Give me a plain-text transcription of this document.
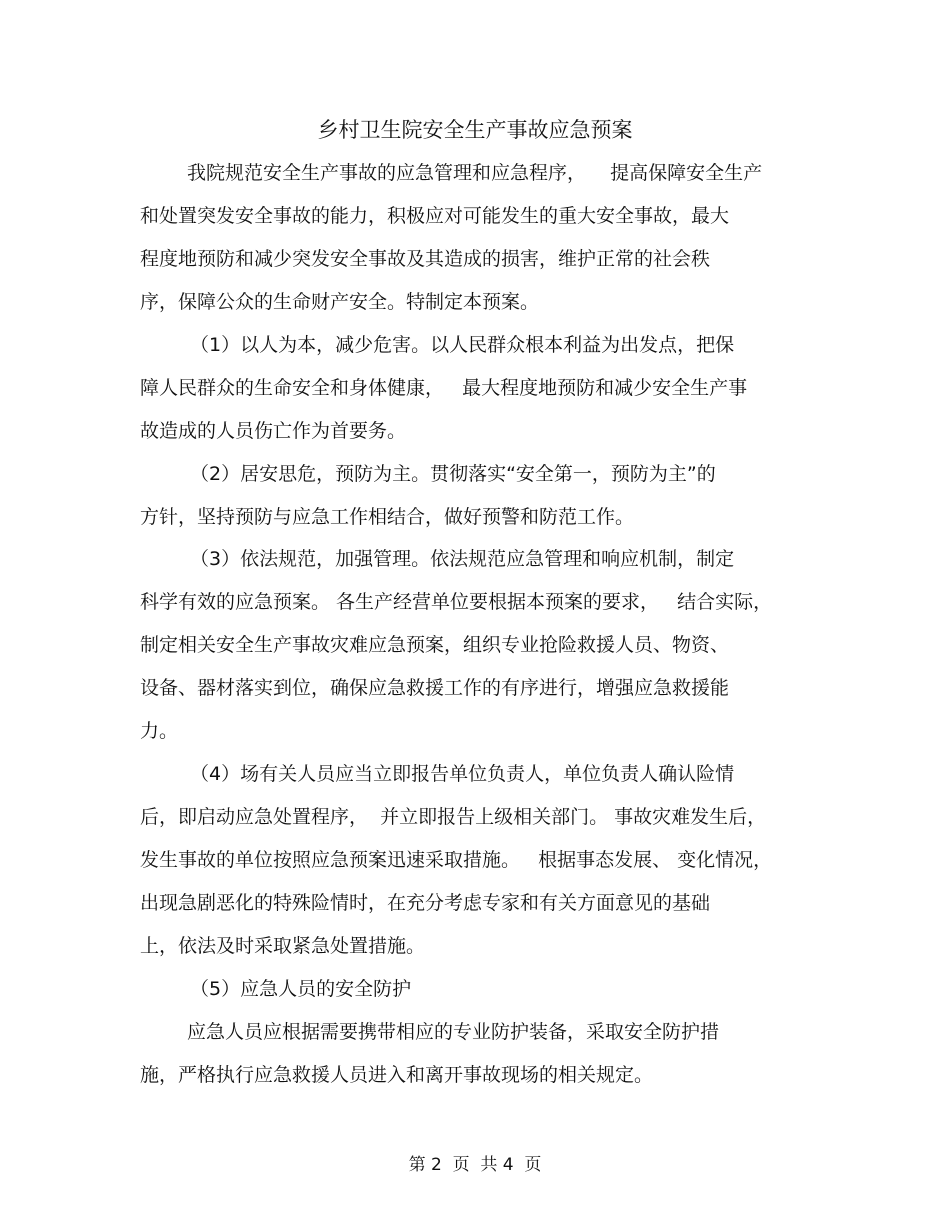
乡村卫生院安全生产事故应急预案
我院规范安全生产事故的应急管理和应急程序，    提高保障安全生产
和处置突发安全事故的能力，积极应对可能发生的重大安全事故，最大
程度地预防和减少突发安全事故及其造成的损害，维护正常的社会秩
序，保障公众的生命财产安全。特制定本预案。
（1）以人为本，减少危害。以人民群众根本利益为出发点，把保
障人民群众的生命安全和身体健康，   最大程度地预防和减少安全生产事
故造成的人员伤亡作为首要务。
（2）居安思危，预防为主。贯彻落实“安全第一，预防为主”的
方针，坚持预防与应急工作相结合，做好预警和防范工作。
（3）依法规范，加强管理。依法规范应急管理和响应机制，制定
科学有效的应急预案。 各生产经营单位要根据本预案的要求，   结合实际，
制定相关安全生产事故灾难应急预案，组织专业抢险救援人员、物资、
设备、器材落实到位，确保应急救援工作的有序进行，增强应急救援能
力。
（4）场有关人员应当立即报告单位负责人，单位负责人确认险情
后，即启动应急处置程序，  并立即报告上级相关部门。 事故灾难发生后，
发生事故的单位按照应急预案迅速采取措施。   根据事态发展、 变化情况，
出现急剧恶化的特殊险情时，在充分考虑专家和有关方面意见的基础
上，依法及时采取紧急处置措施。
（5）应急人员的安全防护
应急人员应根据需要携带相应的专业防护装备，采取安全防护措
施，严格执行应急救援人员进入和离开事故现场的相关规定。
第 2  页  共 4  页
